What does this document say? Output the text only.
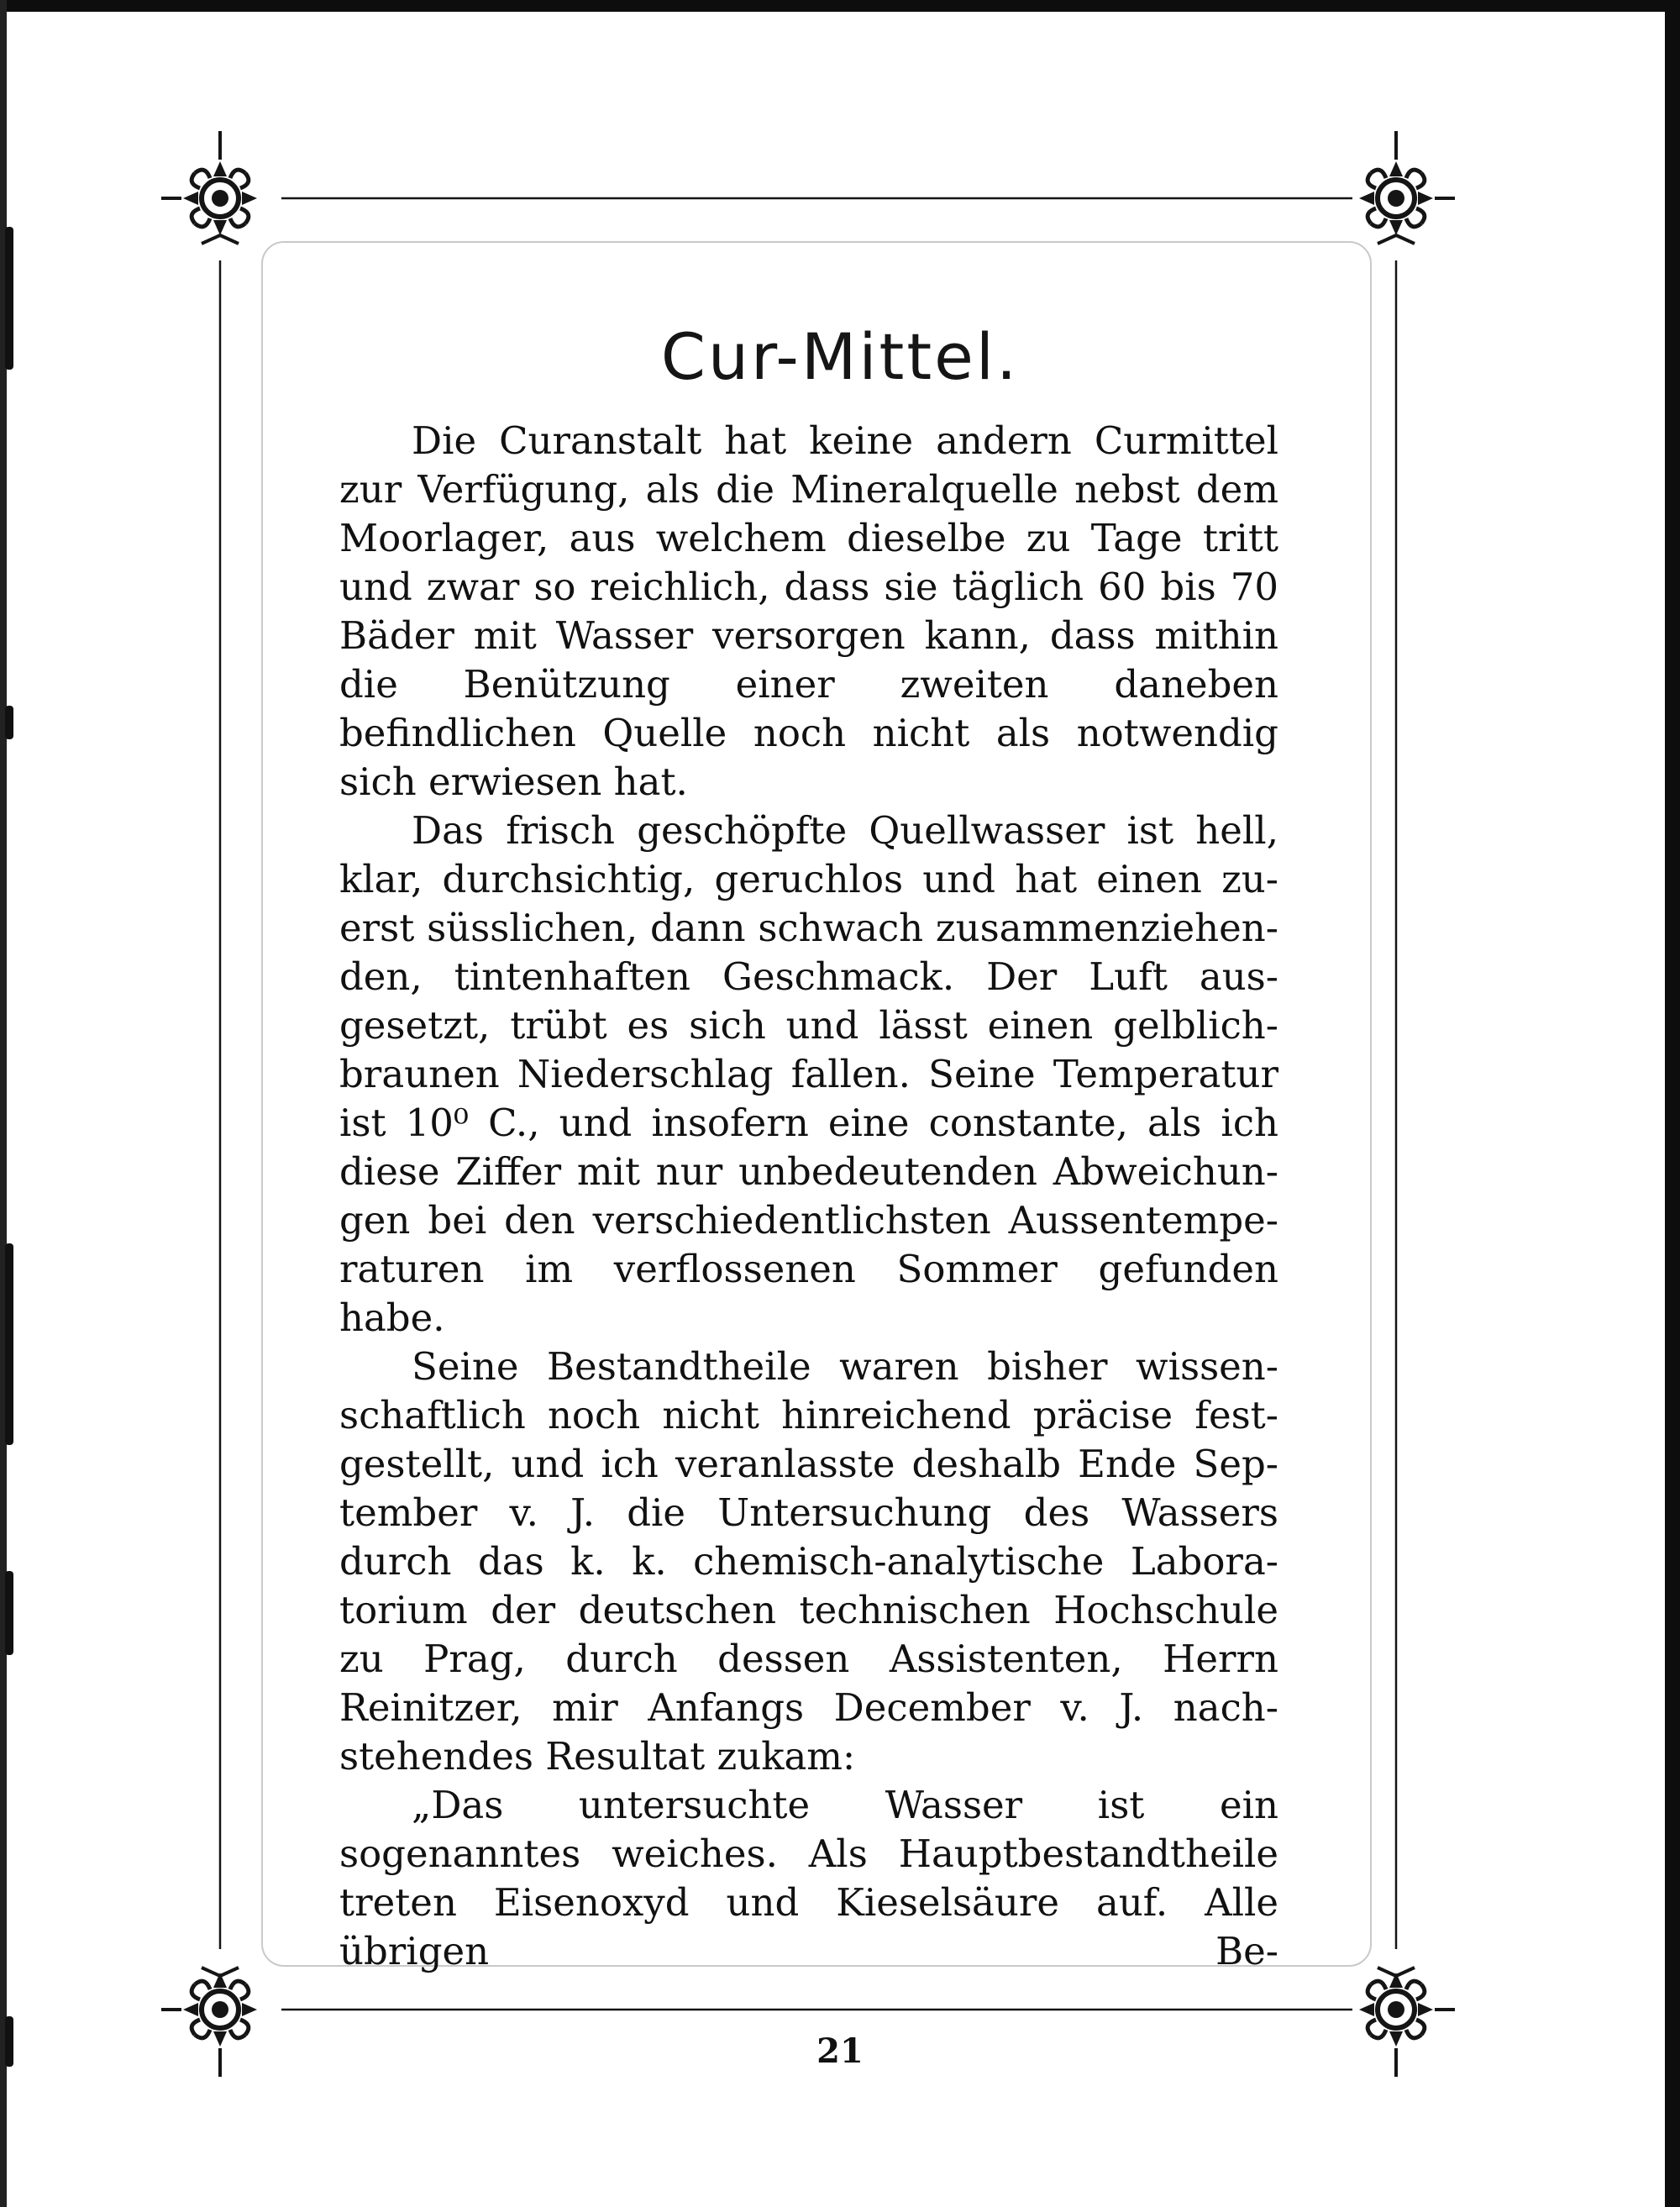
Cur-Mittel.

Die Curanstalt hat keine andern Curmittel zur Verfügung, als die Mineralquelle nebst dem Moorlager, aus welchem dieselbe zu Tage tritt und zwar so reichlich, dass sie täglich 60 bis 70 Bäder mit Wasser versorgen kann, dass mithin die Benützung einer zweiten daneben befindlichen Quelle noch nicht als notwendig sich erwiesen hat.

Das frisch geschöpfte Quellwasser ist hell, klar, durchsichtig, geruchlos und hat einen zuerst süsslichen, dann schwach zusammenziehenden, tintenhaften Geschmack. Der Luft ausgesetzt, trübt es sich und lässt einen gelblichbraunen Niederschlag fallen. Seine Temperatur ist 10⁰ C., und insofern eine constante, als ich diese Ziffer mit nur unbedeutenden Abweichungen bei den verschiedentlichsten Aussentemperaturen im verflossenen Sommer gefunden habe.

Seine Bestandtheile waren bisher wissenschaftlich noch nicht hinreichend präcise festgestellt, und ich veranlasste deshalb Ende September v. J. die Untersuchung des Wassers durch das k. k. chemisch-analytische Laboratorium der deutschen technischen Hochschule zu Prag, durch dessen Assistenten, Herrn Reinitzer, mir Anfangs December v. J. nachstehendes Resultat zukam:

„Das untersuchte Wasser ist ein sogenanntes weiches. Als Hauptbestandtheile treten Eisenoxyd und Kieselsäure auf. Alle übrigen Be-

21
